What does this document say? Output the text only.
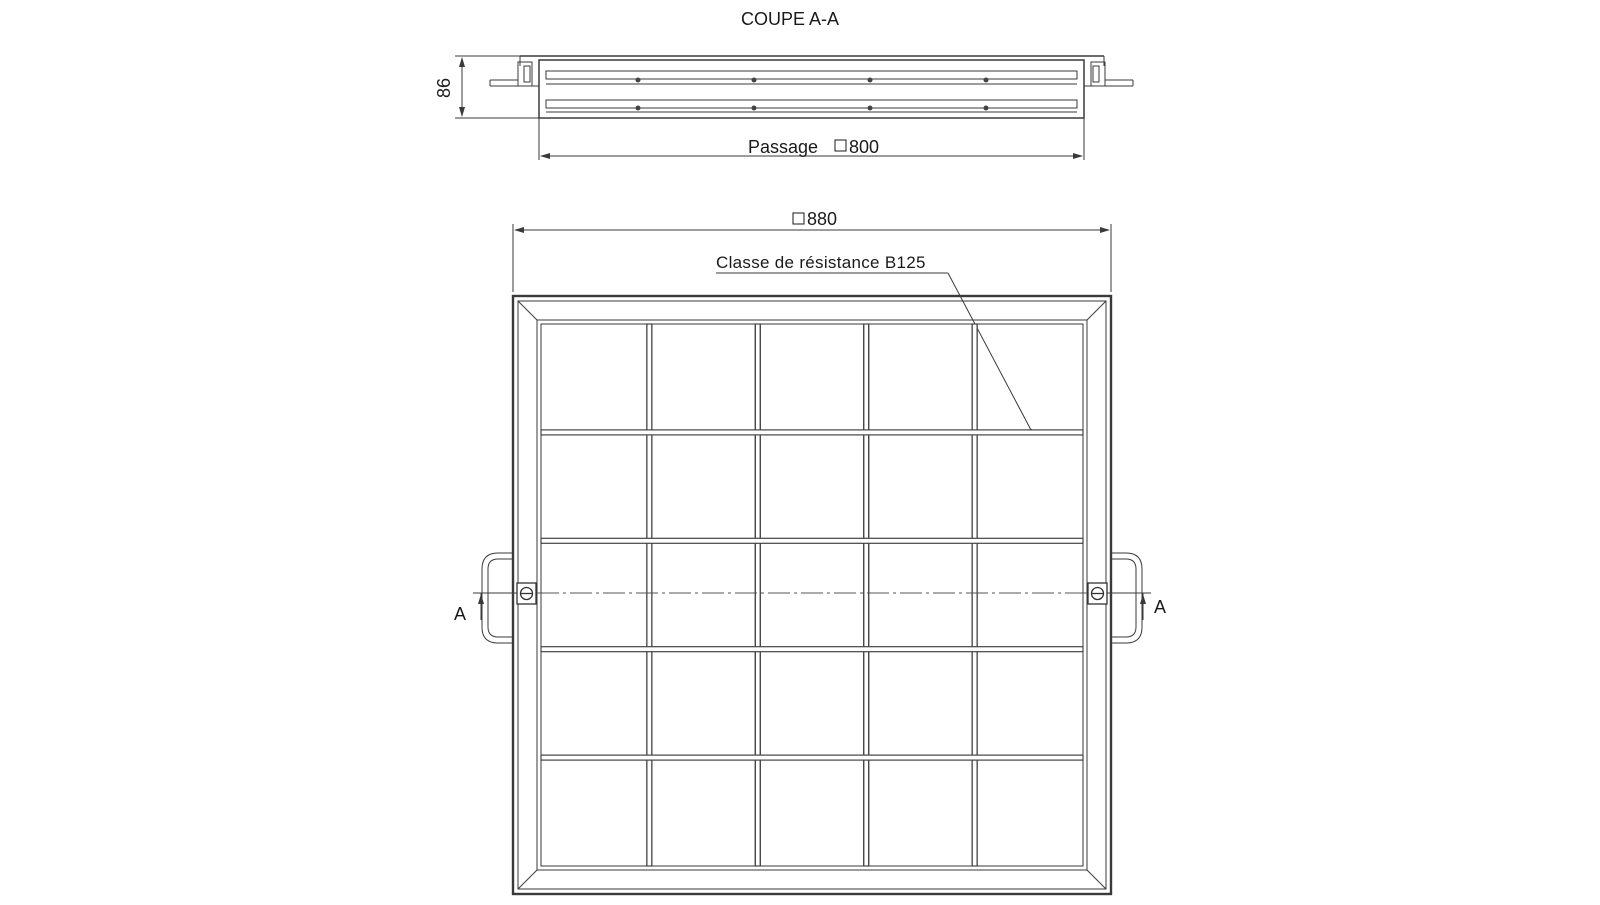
COUPE A-A
86
Passage 800
880
Classe de résistance B125
A	A
